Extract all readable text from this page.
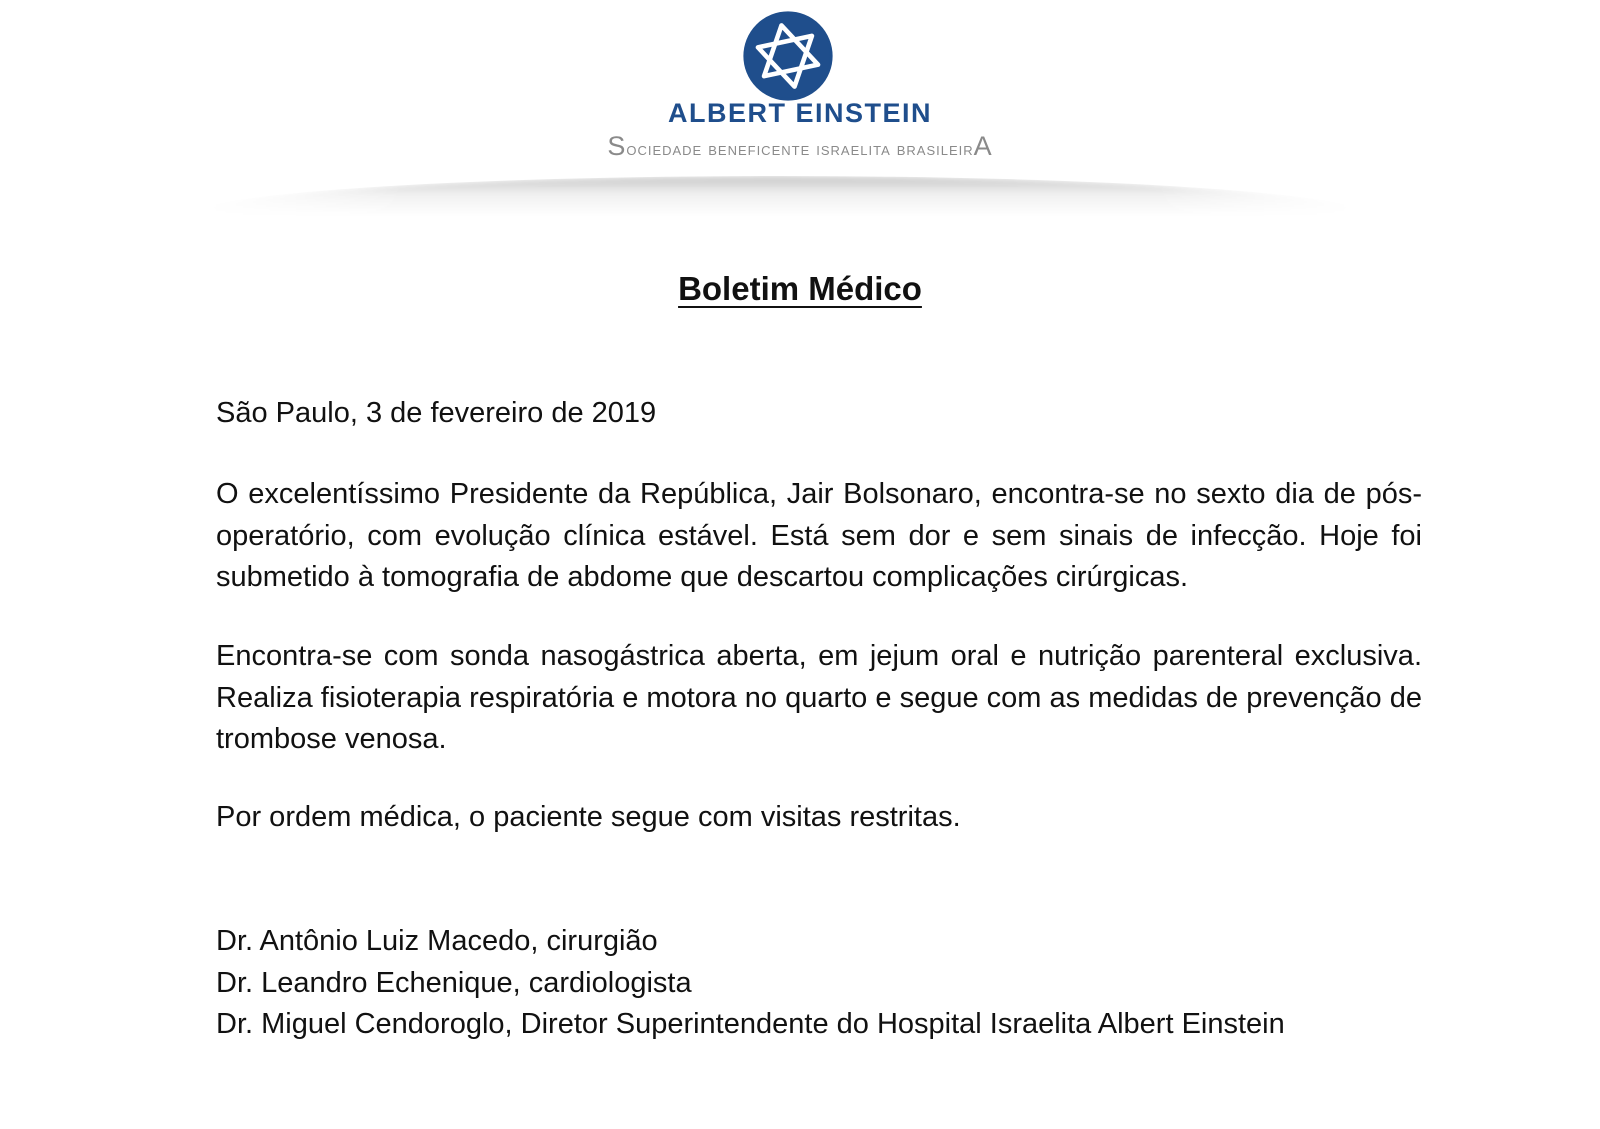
ALBERT EINSTEIN
Sociedade beneficente israelita brasileirA
Boletim Médico

São Paulo, 3 de fevereiro de 2019

O excelentíssimo Presidente da República, Jair Bolsonaro, encontra-se no sexto dia de pós-operatório, com evolução clínica estável. Está sem dor e sem sinais de infecção. Hoje foi submetido à tomografia de abdome que descartou complicações cirúrgicas.

Encontra-se com sonda nasogástrica aberta, em jejum oral e nutrição parenteral exclusiva. Realiza fisioterapia respiratória e motora no quarto e segue com as medidas de prevenção de trombose venosa.

Por ordem médica, o paciente segue com visitas restritas.

Dr. Antônio Luiz Macedo, cirurgião
Dr. Leandro Echenique, cardiologista
Dr. Miguel Cendoroglo, Diretor Superintendente do Hospital Israelita Albert Einstein
